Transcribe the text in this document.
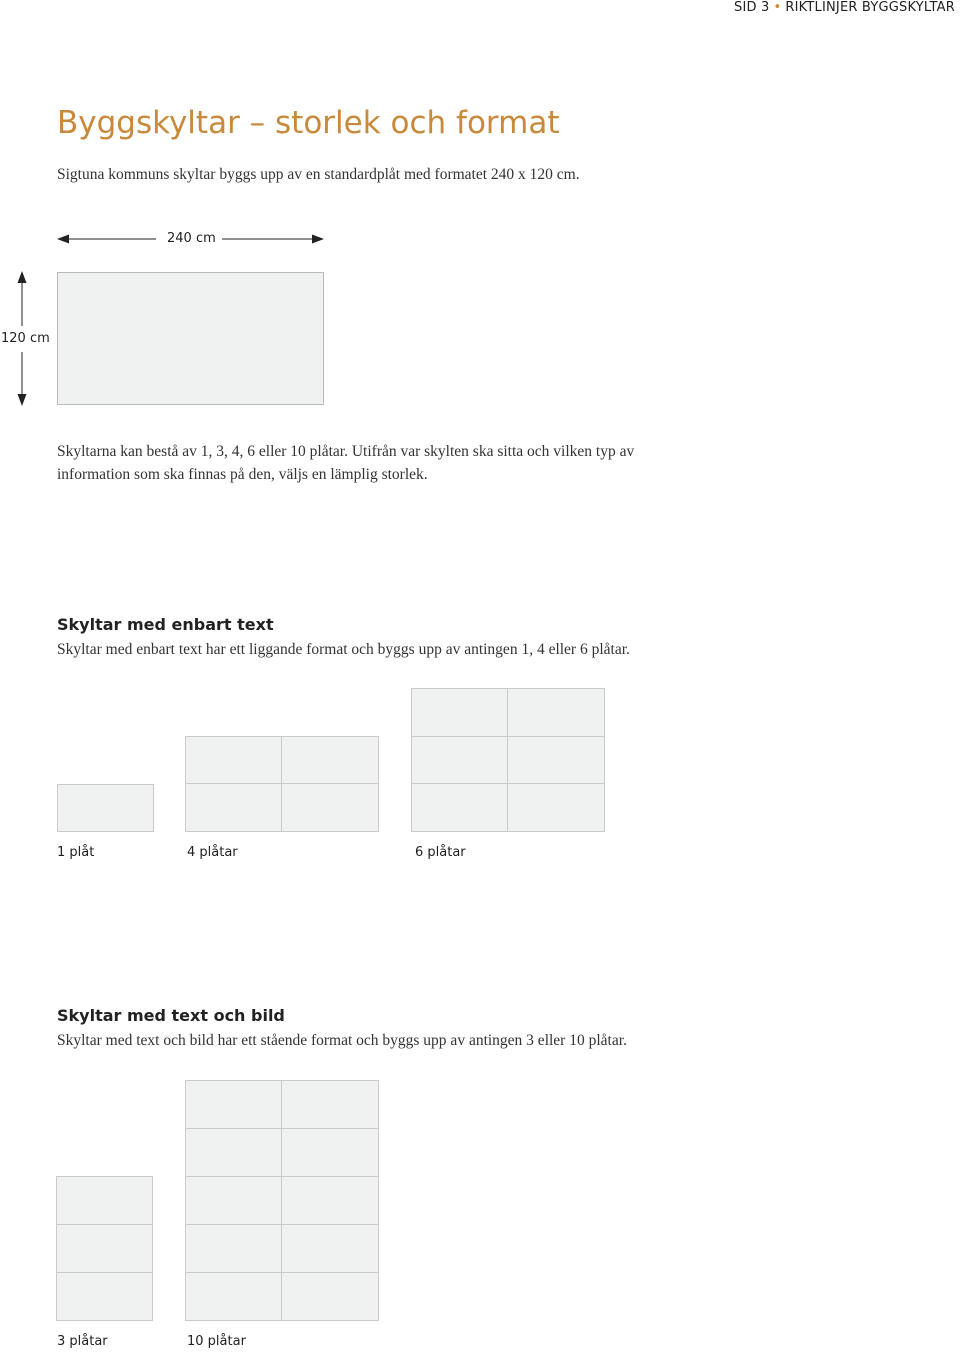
SID 3 • RIKTLINJER BYGGSKYLTAR
Byggskyltar – storlek och format
Sigtuna kommuns skyltar byggs upp av en standardplåt med formatet 240 x 120 cm.
240 cm
120 cm
Skyltarna kan bestå av 1, 3, 4, 6 eller 10 plåtar. Utifrån var skylten ska sitta och vilken typ av information som ska finnas på den, väljs en lämplig storlek.
Skyltar med enbart text
Skyltar med enbart text har ett liggande format och byggs upp av antingen 1, 4 eller 6 plåtar.
1 plåt	4 plåtar	6 plåtar
Skyltar med text och bild
Skyltar med text och bild har ett stående format och byggs upp av antingen 3 eller 10 plåtar.
3 plåtar	10 plåtar
